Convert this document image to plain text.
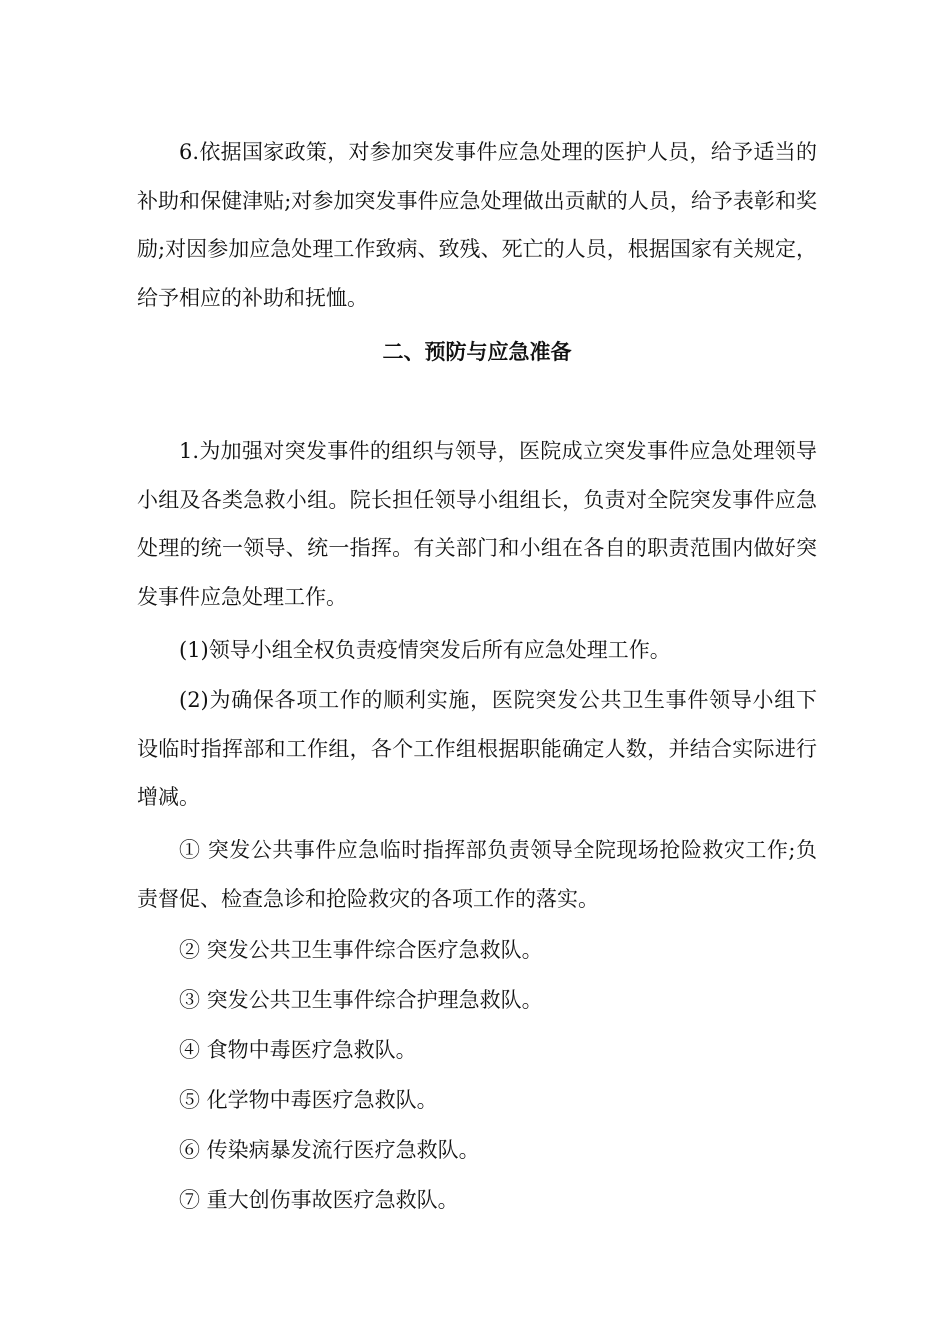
6.依据国家政策，对参加突发事件应急处理的医护人员，给予适当的补助和保健津贴;对参加突发事件应急处理做出贡献的人员，给予表彰和奖励;对因参加应急处理工作致病、致残、死亡的人员，根据国家有关规定，给予相应的补助和抚恤。

二、预防与应急准备

1.为加强对突发事件的组织与领导，医院成立突发事件应急处理领导小组及各类急救小组。院长担任领导小组组长，负责对全院突发事件应急处理的统一领导、统一指挥。有关部门和小组在各自的职责范围内做好突发事件应急处理工作。

(1)领导小组全权负责疫情突发后所有应急处理工作。

(2)为确保各项工作的顺利实施，医院突发公共卫生事件领导小组下设临时指挥部和工作组，各个工作组根据职能确定人数，并结合实际进行增减。

① 突发公共事件应急临时指挥部负责领导全院现场抢险救灾工作;负责督促、检查急诊和抢险救灾的各项工作的落实。

② 突发公共卫生事件综合医疗急救队。

③ 突发公共卫生事件综合护理急救队。

④ 食物中毒医疗急救队。

⑤ 化学物中毒医疗急救队。

⑥ 传染病暴发流行医疗急救队。

⑦ 重大创伤事故医疗急救队。
